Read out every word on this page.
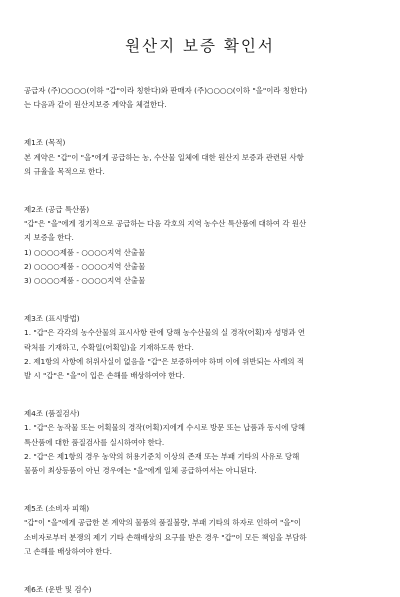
원산지 보증 확인서

공급자 (주)○○○○(이하 "갑"이라 칭한다)와 판매자 (주)○○○○(이하 "을"이라 칭한다)

는 다음과 같이 원산지보증 계약을 체결한다.

제1조 (목적)

본 계약은 "갑"이 "을"에게 공급하는 농, 수산물 일체에 대한 원산지 보증과 관련된 사항

의 규율을 목적으로 한다.

제2조 (공급 특산품)

"갑"은 "을"에게 정기적으로 공급하는 다음 각호의 지역 농수산 특산품에 대하여 각 원산

지 보증을 한다.

1) ○○○○제품 - ○○○○지역 산출물

2) ○○○○제품 - ○○○○지역 산출물

3) ○○○○제품 - ○○○○지역 산출물

제3조 (표시방법)

1. "갑"은 각각의 농수산물의 표시사항 란에 당해 농수산물의 실 경작(어획)자 성명과 연

락처를 기재하고, 수확일(어획일)을 기재하도록 한다.

2. 제1항의 사항에 허위사실이 없음을 "갑"은 보증하여야 하며 이에 위반되는 사례의 적

발 시 "갑"은 "을"이 입은 손해를 배상하여야 한다.

제4조 (품질검사)

1. "갑"은 농작물 또는 어획물의 경작(어획)지에게 수시로 방문 또는 납품과 동시에 당해

특산품에 대한 품질검사를 실시하여야 한다.

2. "갑"은 제1항의 경우 농약의 허용기준치 이상의 존재 또는 부패 기타의 사유로 당해

물품이 최상등품이 아닌 경우에는 "을"에게 일체 공급하여서는 아니된다.

제5조 (소비자 피해)

"갑"이 "을"에게 공급한 본 계약의 물품의 품질불량, 부패 기타의 하자로 인하여 "을"이

소비자로부터 분쟁의 제기 기타 손해배상의 요구를 받은 경우 "갑"이 모든 책임을 부담하

고 손해를 배상하여야 한다.

제6조 (운반 및 검수)
